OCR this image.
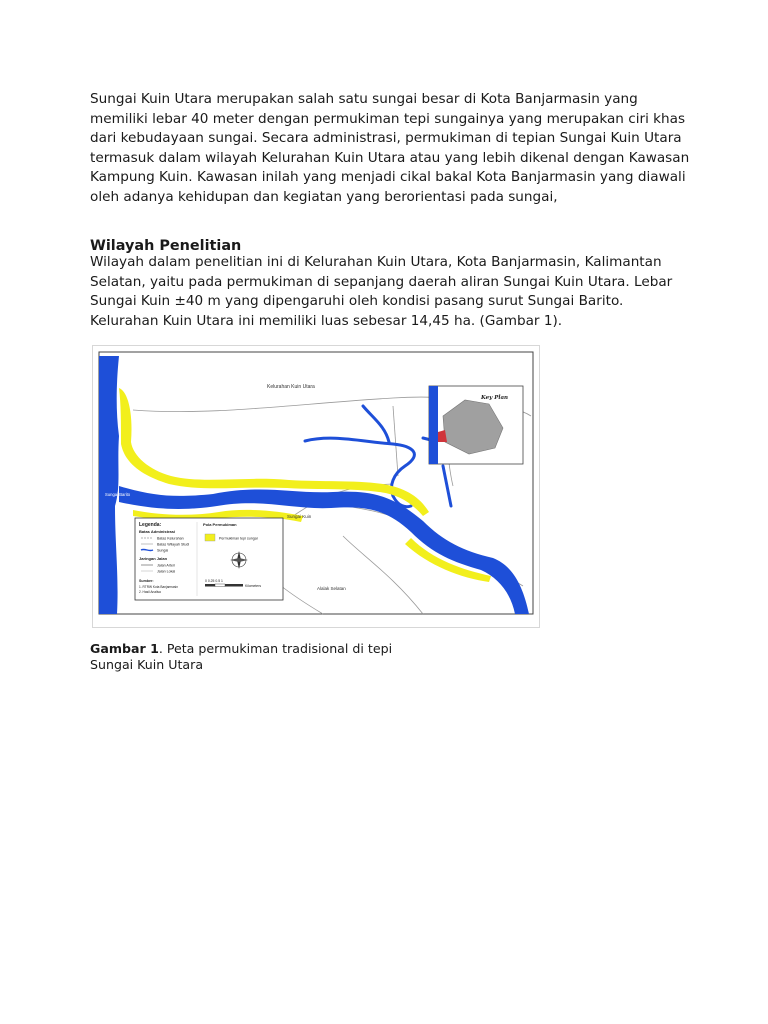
Sungai Kuin Utara merupakan salah satu sungai besar di Kota Banjarmasin yang memiliki lebar 40 meter dengan permukiman tepi sungainya yang merupakan ciri khas dari kebudayaan sungai. Secara administrasi, permukiman di tepian Sungai Kuin Utara termasuk dalam wilayah Kelurahan Kuin Utara atau yang lebih dikenal dengan Kawasan Kampung Kuin. Kawasan inilah yang menjadi cikal bakal Kota Banjarmasin yang diawali oleh adanya kehidupan dan kegiatan yang berorientasi pada sungai,

Wilayah Penelitian

Wilayah dalam penelitian ini di Kelurahan Kuin Utara, Kota Banjarmasin, Kalimantan Selatan, yaitu pada permukiman di sepanjang daerah aliran Sungai Kuin Utara. Lebar Sungai Kuin ±40 m yang dipengaruhi oleh kondisi pasang surut Sungai Barito. Kelurahan Kuin Utara ini memiliki luas sebesar 14,45 ha. (Gambar 1).

Key Plan
Kelurahan Kuin Utara
Sungai Barito
Sungai Kuin
Alalak Selatan
Legenda:
Batas Administrasi
Batas Kelurahan
Batas Wilayah Studi
Sungai
Jaringan Jalan
Jalan Arteri
Jalan Lokal
Sumber:
1. RTRW Kota Banjarmasin
2. Hasil Analisa
Pola Permukiman
Permukiman tepi sungai
0 0.25 0.5 1
Kilometers

Gambar 1. Peta permukiman tradisional di tepi Sungai Kuin Utara
